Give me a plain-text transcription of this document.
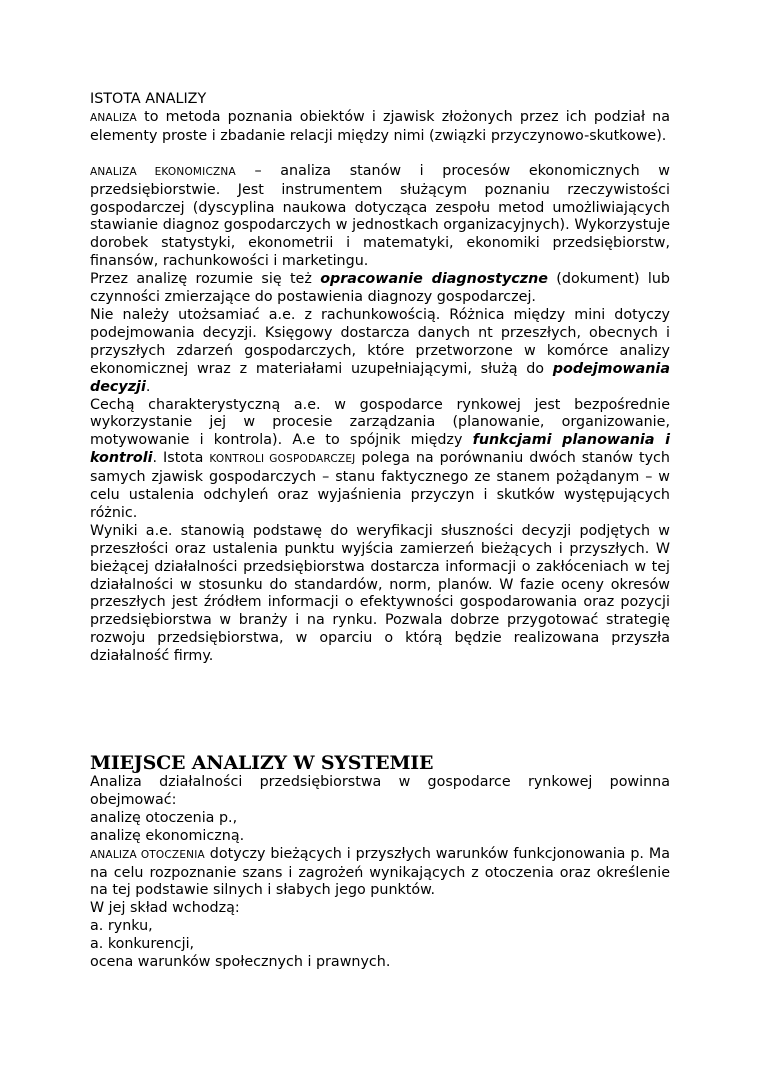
ISTOTA ANALIZY

ANALIZA to metoda poznania obiektów i zjawisk złożonych przez ich podział na elementy proste i zbadanie relacji między nimi (związki przyczynowo-skutkowe).

ANALIZA EKONOMICZNA – analiza stanów i procesów ekonomicznych w przedsiębiorstwie. Jest instrumentem służącym poznaniu rzeczywistości gospodarczej (dyscyplina naukowa dotycząca zespołu metod umożliwiających stawianie diagnoz gospodarczych w jednostkach organizacyjnych). Wykorzystuje dorobek statystyki, ekonometrii i matematyki, ekonomiki przedsiębiorstw, finansów, rachunkowości i marketingu.

Przez analizę rozumie się też opracowanie diagnostyczne (dokument) lub czynności zmierzające do postawienia diagnozy gospodarczej.

Nie należy utożsamiać a.e. z rachunkowością. Różnica między mini dotyczy podejmowania decyzji. Księgowy dostarcza danych nt przeszłych, obecnych i przyszłych zdarzeń gospodarczych, które przetworzone w komórce analizy ekonomicznej wraz z materiałami uzupełniającymi, służą do podejmowania decyzji.

Cechą charakterystyczną a.e. w gospodarce rynkowej jest bezpośrednie wykorzystanie jej w procesie zarządzania (planowanie, organizowanie, motywowanie i kontrola). A.e to spójnik między funkcjami planowania i kontroli. Istota KONTROLI GOSPODARCZEJ polega na porównaniu dwóch stanów tych samych zjawisk gospodarczych – stanu faktycznego ze stanem pożądanym – w celu ustalenia odchyleń oraz wyjaśnienia przyczyn i skutków występujących różnic.

Wyniki a.e. stanowią podstawę do weryfikacji słuszności decyzji podjętych w przeszłości oraz ustalenia punktu wyjścia zamierzeń bieżących i przyszłych. W bieżącej działalności przedsiębiorstwa dostarcza informacji o zakłóceniach w tej działalności w stosunku do standardów, norm, planów. W fazie oceny okresów przeszłych jest źródłem informacji o efektywności gospodarowania oraz pozycji przedsiębiorstwa w branży i na rynku. Pozwala dobrze przygotować strategię rozwoju przedsiębiorstwa, w oparciu o którą będzie realizowana przyszła działalność firmy.

MIEJSCE ANALIZY W SYSTEMIE

Analiza działalności przedsiębiorstwa w gospodarce rynkowej powinna obejmować:

analizę otoczenia p.,

analizę ekonomiczną.

ANALIZA OTOCZENIA dotyczy bieżących i przyszłych warunków funkcjonowania p. Ma na celu rozpoznanie szans i zagrożeń wynikających z otoczenia oraz określenie na tej podstawie silnych i słabych jego punktów.

W jej skład wchodzą:

a. rynku,

a. konkurencji,

ocena warunków społecznych i prawnych.
